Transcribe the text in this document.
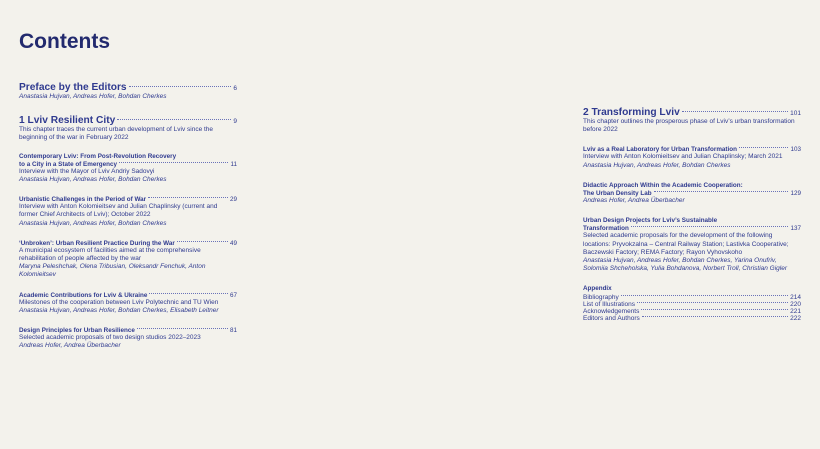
Contents
Preface by the Editors	6
Anastasia Hujvan, Andreas Hofer, Bohdan Cherkes
1 Lviv Resilient City	9
This chapter traces the current urban development of Lviv since the beginning of the war in February 2022
Contemporary Lviv: From Post-Revolution Recovery
to a City in a State of Emergency	11
Interview with the Mayor of Lviv Andriy Sadovyi
Anastasia Hujvan, Andreas Hofer, Bohdan Cherkes
Urbanistic Challenges in the Period of War	29
Interview with Anton Kolomieitsev and Julian Chaplinsky (current and former Chief Architects of Lviv); October 2022
Anastasia Hujvan, Andreas Hofer, Bohdan Cherkes
‘Unbroken’: Urban Resilient Practice During the War	49
A municipal ecosystem of facilities aimed at the comprehensive rehabilitation of people affected by the war
Maryna Peleshchak, Olena Tribusian, Oleksandr Fenchuk, Anton Kolomieitsev
Academic Contributions for Lviv & Ukraine	67
Milestones of the cooperation between Lviv Polytechnic and TU Wien
Anastasia Hujvan, Andreas Hofer, Bohdan Cherkes, Elisabeth Leitner
Design Principles for Urban Resilience	81
Selected academic proposals of two design studios 2022–2023
Andreas Hofer, Andrea Überbacher
2 Transforming Lviv	101
This chapter outlines the prosperous phase of Lviv’s urban transformation before 2022
Lviv as a Real Laboratory for Urban Transformation	103
Interview with Anton Kolomieitsev and Julian Chaplinsky; March 2021
Anastasia Hujvan, Andreas Hofer, Bohdan Cherkes
Didactic Approach Within the Academic Cooperation:
The Urban Density Lab	129
Andreas Hofer, Andrea Überbacher
Urban Design Projects for Lviv’s Sustainable
Transformation	137
Selected academic proposals for the development of the following locations: Pryvokzalna – Central Railway Station; Lastivka Cooperative; Baczewski Factory; REMA Factory; Rayon Vyhovskoho
Anastasia Hujvan, Andreas Hofer, Bohdan Cherkes, Yarina Onufriv, Solomiia Shcheholska, Yulia Bohdanova, Norbert Troll, Christian Gigler
Appendix
Bibliography	214
List of Illustrations	220
Acknowledgements	221
Editors and Authors	222
